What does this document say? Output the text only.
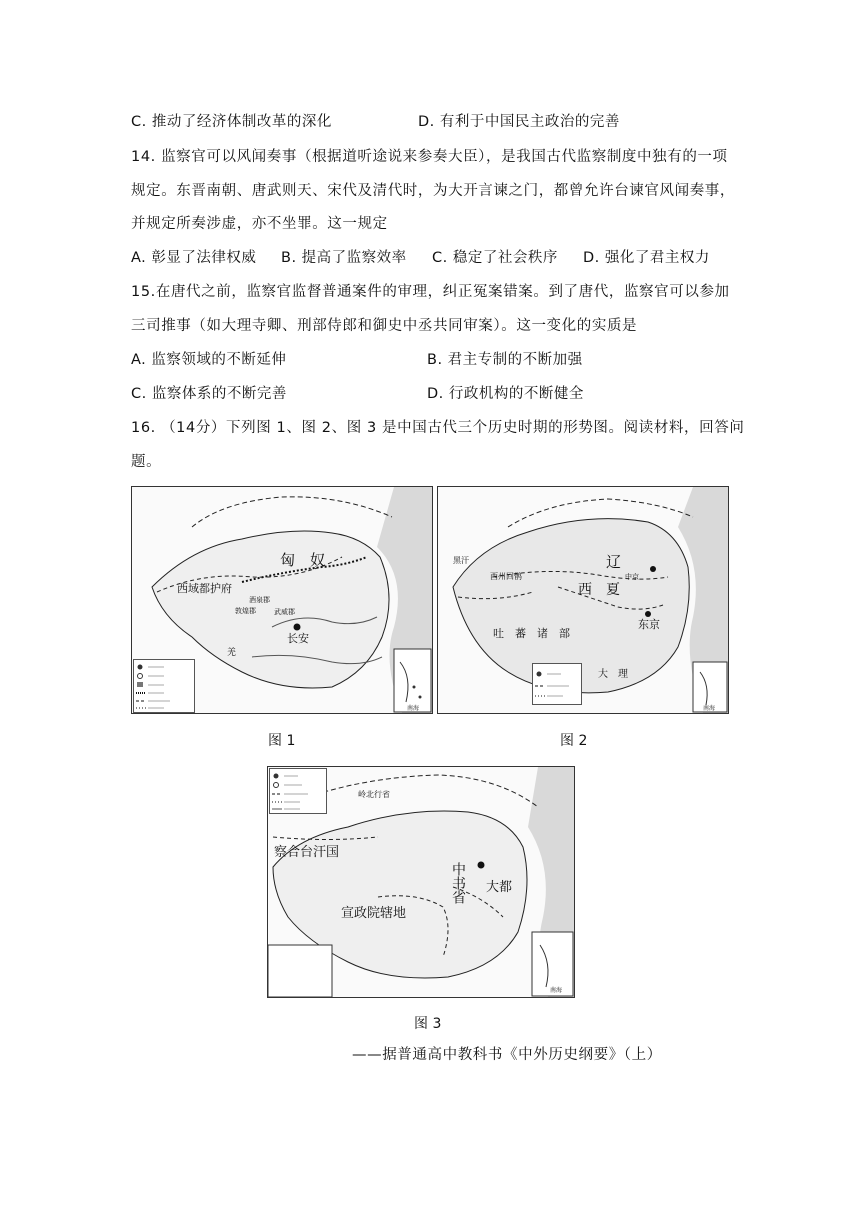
C. 推动了经济体制改革的深化	D. 有利于中国民主政治的完善
14. 监察官可以风闻奏事（根据道听途说来参奏大臣），是我国古代监察制度中独有的一项
规定。东晋南朝、唐武则天、宋代及清代时，为大开言谏之门，都曾允许台谏官风闻奏事，
并规定所奏涉虚，亦不坐罪。这一规定
A. 彰显了法律权威 B. 提高了监察效率 C. 稳定了社会秩序 D. 强化了君主权力
15.在唐代之前，监察官监督普通案件的审理，纠正冤案错案。到了唐代，监察官可以参加
三司推事（如大理寺卿、刑部侍郎和御史中丞共同审案）。这一变化的实质是
A. 监察领域的不断延伸	B. 君主专制的不断加强
C. 监察体系的不断完善	D. 行政机构的不断健全
16. （14分）下列图 1、图 2、图 3 是中国古代三个历史时期的形势图。阅读材料，回答问
题。
匈　奴
西域都护府
长安
武威郡
酒泉郡
敦煌郡
羌
南海
辽
西　夏
东京
吐　蕃　诸　部
大　理
中京
西州回鹘
黑汗
南海
图 1	图 2
察合台汗国
中书省 大都
宣政院辖地
岭北行省
南海
图 3
——据普通高中教科书《中外历史纲要》（上）
